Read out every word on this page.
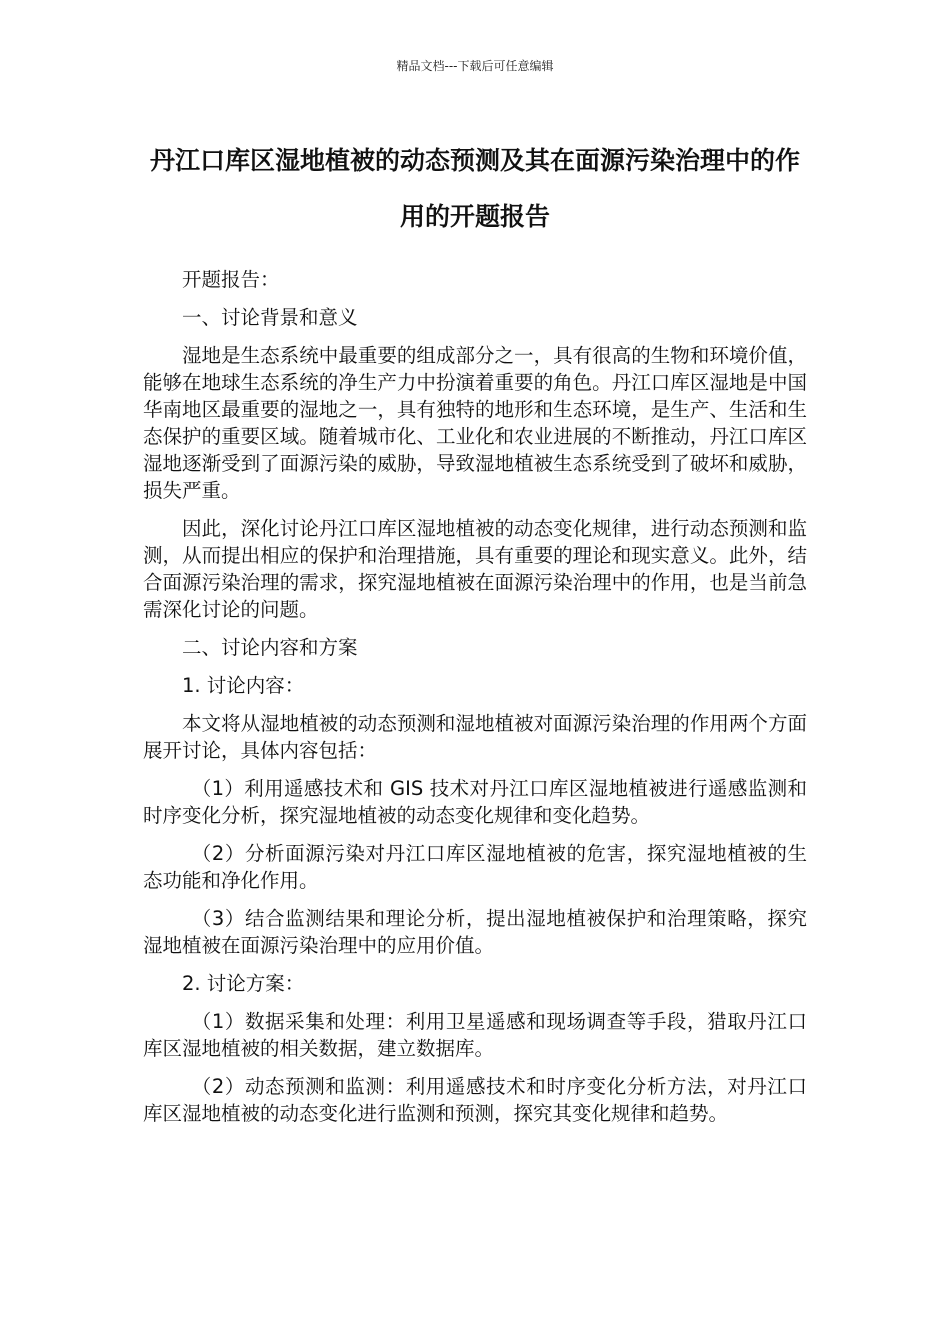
精品文档---下载后可任意编辑
丹江口库区湿地植被的动态预测及其在面源污染治理中的作用的开题报告

开题报告：

一、讨论背景和意义

湿地是生态系统中最重要的组成部分之一，具有很高的生物和环境价值，能够在地球生态系统的净生产力中扮演着重要的角色。丹江口库区湿地是中国华南地区最重要的湿地之一，具有独特的地形和生态环境，是生产、生活和生态保护的重要区域。随着城市化、工业化和农业进展的不断推动，丹江口库区湿地逐渐受到了面源污染的威胁，导致湿地植被生态系统受到了破坏和威胁，损失严重。

因此，深化讨论丹江口库区湿地植被的动态变化规律，进行动态预测和监测，从而提出相应的保护和治理措施，具有重要的理论和现实意义。此外，结合面源污染治理的需求，探究湿地植被在面源污染治理中的作用，也是当前急需深化讨论的问题。

二、讨论内容和方案

1. 讨论内容：

本文将从湿地植被的动态预测和湿地植被对面源污染治理的作用两个方面展开讨论，具体内容包括：

（1）利用遥感技术和 GIS 技术对丹江口库区湿地植被进行遥感监测和时序变化分析，探究湿地植被的动态变化规律和变化趋势。

（2）分析面源污染对丹江口库区湿地植被的危害，探究湿地植被的生态功能和净化作用。

（3）结合监测结果和理论分析，提出湿地植被保护和治理策略，探究湿地植被在面源污染治理中的应用价值。

2. 讨论方案：

（1）数据采集和处理：利用卫星遥感和现场调查等手段，猎取丹江口库区湿地植被的相关数据，建立数据库。

（2）动态预测和监测：利用遥感技术和时序变化分析方法，对丹江口库区湿地植被的动态变化进行监测和预测，探究其变化规律和趋势。
